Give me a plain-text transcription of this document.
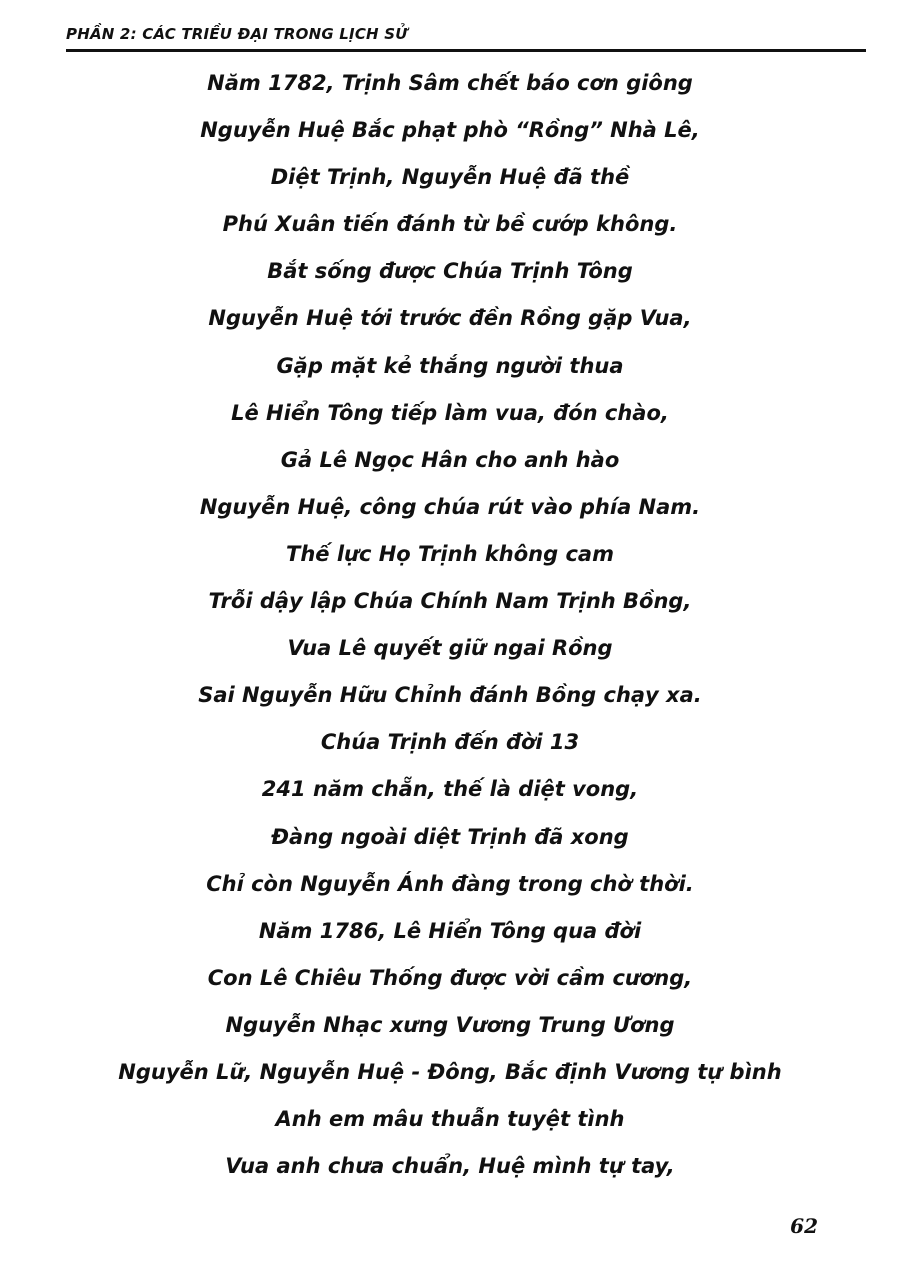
PHẦN 2: CÁC TRIỀU ĐẠI TRONG LỊCH SỬ
Năm 1782, Trịnh Sâm chết báo cơn giông
Nguyễn Huệ Bắc phạt phò “Rồng” Nhà Lê,
Diệt Trịnh, Nguyễn Huệ đã thề
Phú Xuân tiến đánh từ bề cướp không.
Bắt sống được Chúa Trịnh Tông
Nguyễn Huệ tới trước đền Rồng gặp Vua,
Gặp mặt kẻ thắng người thua
Lê Hiển Tông tiếp làm vua, đón chào,
Gả Lê Ngọc Hân cho anh hào
Nguyễn Huệ, công chúa rút vào phía Nam.
Thế lực Họ Trịnh không cam
Trỗi dậy lập Chúa Chính Nam Trịnh Bồng,
Vua Lê quyết giữ ngai Rồng
Sai Nguyễn Hữu Chỉnh đánh Bồng chạy xa.
Chúa Trịnh đến đời 13
241 năm chẵn, thế là diệt vong,
Đàng ngoài diệt Trịnh đã xong
Chỉ còn Nguyễn Ánh đàng trong chờ thời.
Năm 1786, Lê Hiển Tông qua đời
Con Lê Chiêu Thống được vời cầm cương,
Nguyễn Nhạc xưng Vương Trung Ương
Nguyễn Lữ, Nguyễn Huệ - Đông, Bắc định Vương tự bình
Anh em mâu thuẫn tuyệt tình
Vua anh chưa chuẩn, Huệ mình tự tay,
62
